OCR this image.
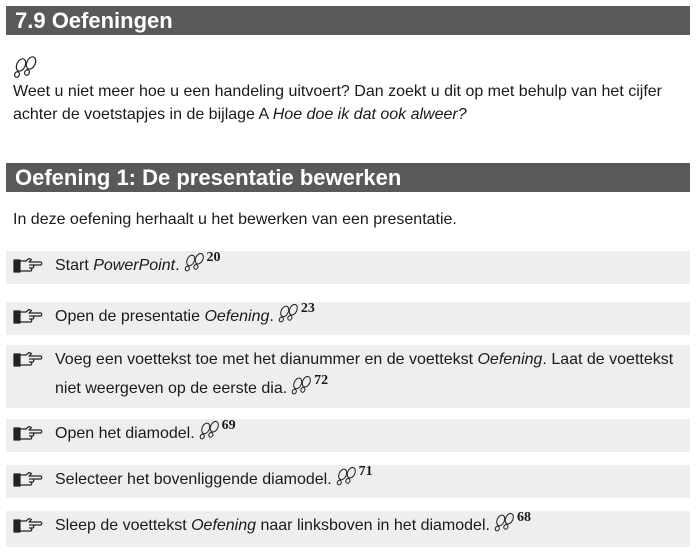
7.9 Oefeningen
Weet u niet meer hoe u een handeling uitvoert? Dan zoekt u dit op met behulp van het cijfer achter de voetstapjes in de bijlage A Hoe doe ik dat ook alweer?
Oefening 1: De presentatie bewerken
In deze oefening herhaalt u het bewerken van een presentatie.
Start PowerPoint. 20
Open de presentatie Oefening. 23
Voeg een voettekst toe met het dianummer en de voettekst Oefening. Laat de voettekst niet weergeven op de eerste dia. 72
Open het diamodel. 69
Selecteer het bovenliggende diamodel. 71
Sleep de voettekst Oefening naar linksboven in het diamodel. 68
